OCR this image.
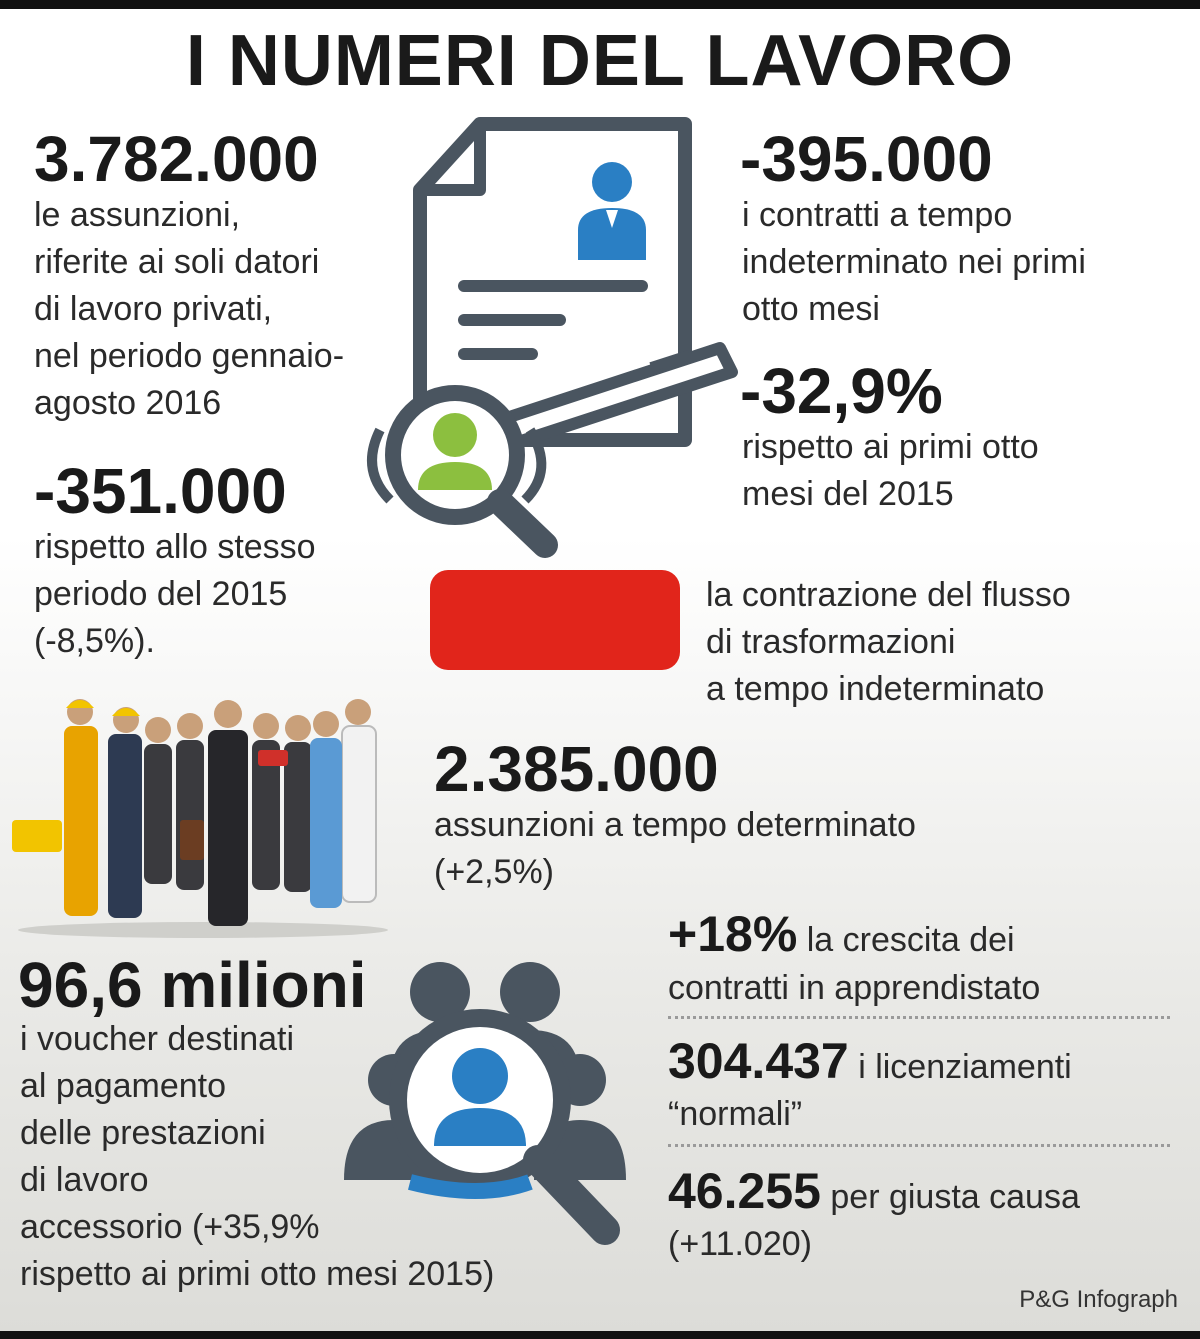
I NUMERI DEL LAVORO
3.782.000
le assunzioni,
riferite ai soli datori
di lavoro privati,
nel periodo gennaio-
agosto 2016
-351.000
rispetto allo stesso
periodo del 2015
(-8,5%).
-395.000
i contratti a tempo
indeterminato nei primi
otto mesi
-32,9%
rispetto ai primi otto
mesi del 2015
la contrazione del flusso
di trasformazioni
a tempo indeterminato
2.385.000
assunzioni a tempo determinato
(+2,5%)
96,6 milioni
i voucher destinati
al pagamento
delle prestazioni
di lavoro
accessorio (+35,9%
rispetto ai primi otto mesi 2015)
+18% la crescita dei
contratti in apprendistato
304.437 i licenziamenti
“normali”
46.255 per giusta causa
(+11.020)
P&G Infograph
